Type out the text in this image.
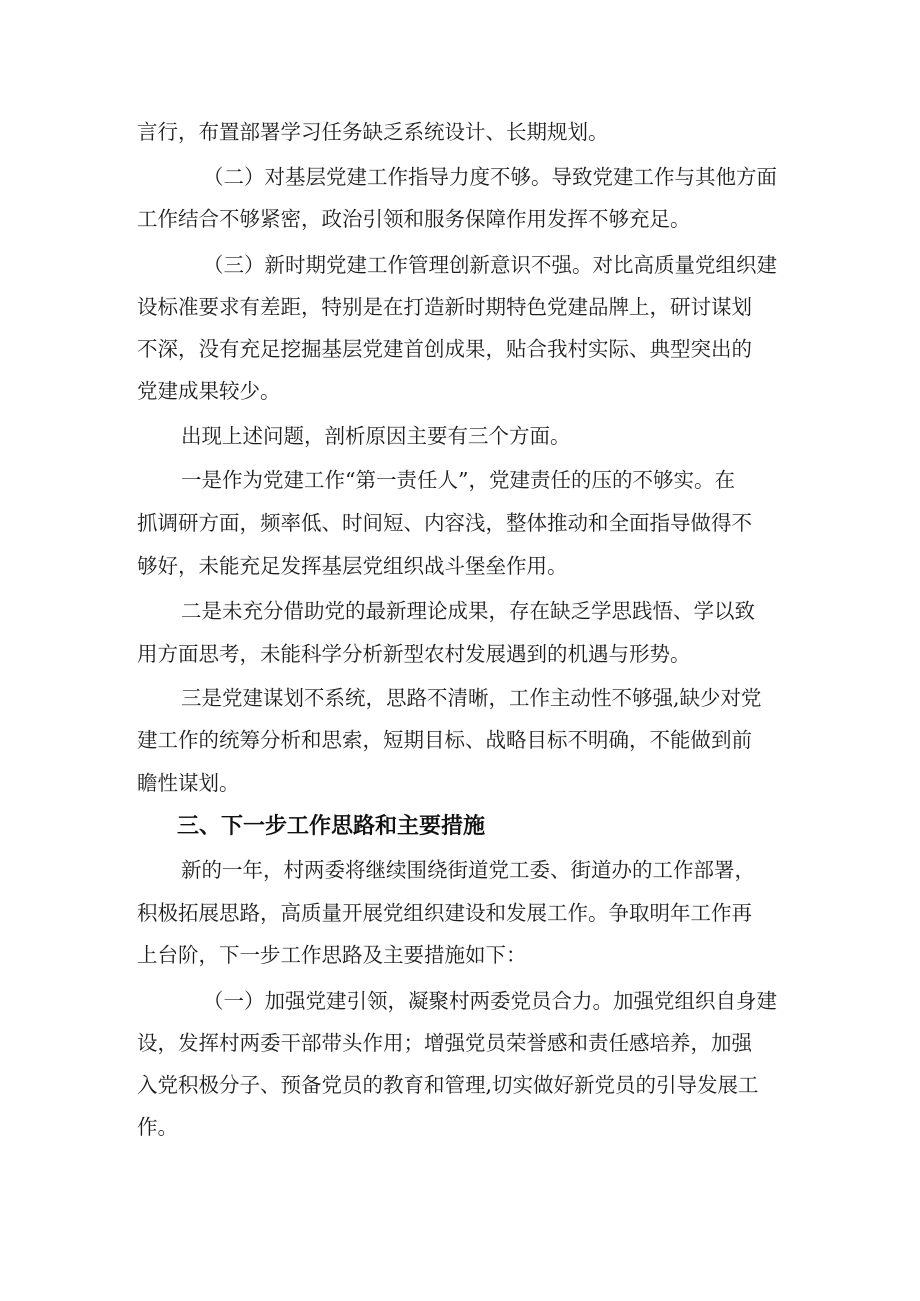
言行，布置部署学习任务缺乏系统设计、长期规划。

（二）对基层党建工作指导力度不够。导致党建工作与其他方面

工作结合不够紧密，政治引领和服务保障作用发挥不够充足。

（三）新时期党建工作管理创新意识不强。对比高质量党组织建

设标准要求有差距，特别是在打造新时期特色党建品牌上，研讨谋划

不深，没有充足挖掘基层党建首创成果，贴合我村实际、典型突出的

党建成果较少。

出现上述问题，剖析原因主要有三个方面。

一是作为党建工作“第一责任人”，党建责任的压的不够实。在

抓调研方面，频率低、时间短、内容浅，整体推动和全面指导做得不

够好，未能充足发挥基层党组织战斗堡垒作用。

二是未充分借助党的最新理论成果，存在缺乏学思践悟、学以致

用方面思考，未能科学分析新型农村发展遇到的机遇与形势。

三是党建谋划不系统，思路不清晰，工作主动性不够强,缺少对党

建工作的统筹分析和思索，短期目标、战略目标不明确，不能做到前

瞻性谋划。

三、下一步工作思路和主要措施

新的一年，村两委将继续围绕街道党工委、街道办的工作部署，

积极拓展思路，高质量开展党组织建设和发展工作。争取明年工作再

上台阶，下一步工作思路及主要措施如下：

（一）加强党建引领，凝聚村两委党员合力。加强党组织自身建

设，发挥村两委干部带头作用；增强党员荣誉感和责任感培养，加强

入党积极分子、预备党员的教育和管理,切实做好新党员的引导发展工

作。
